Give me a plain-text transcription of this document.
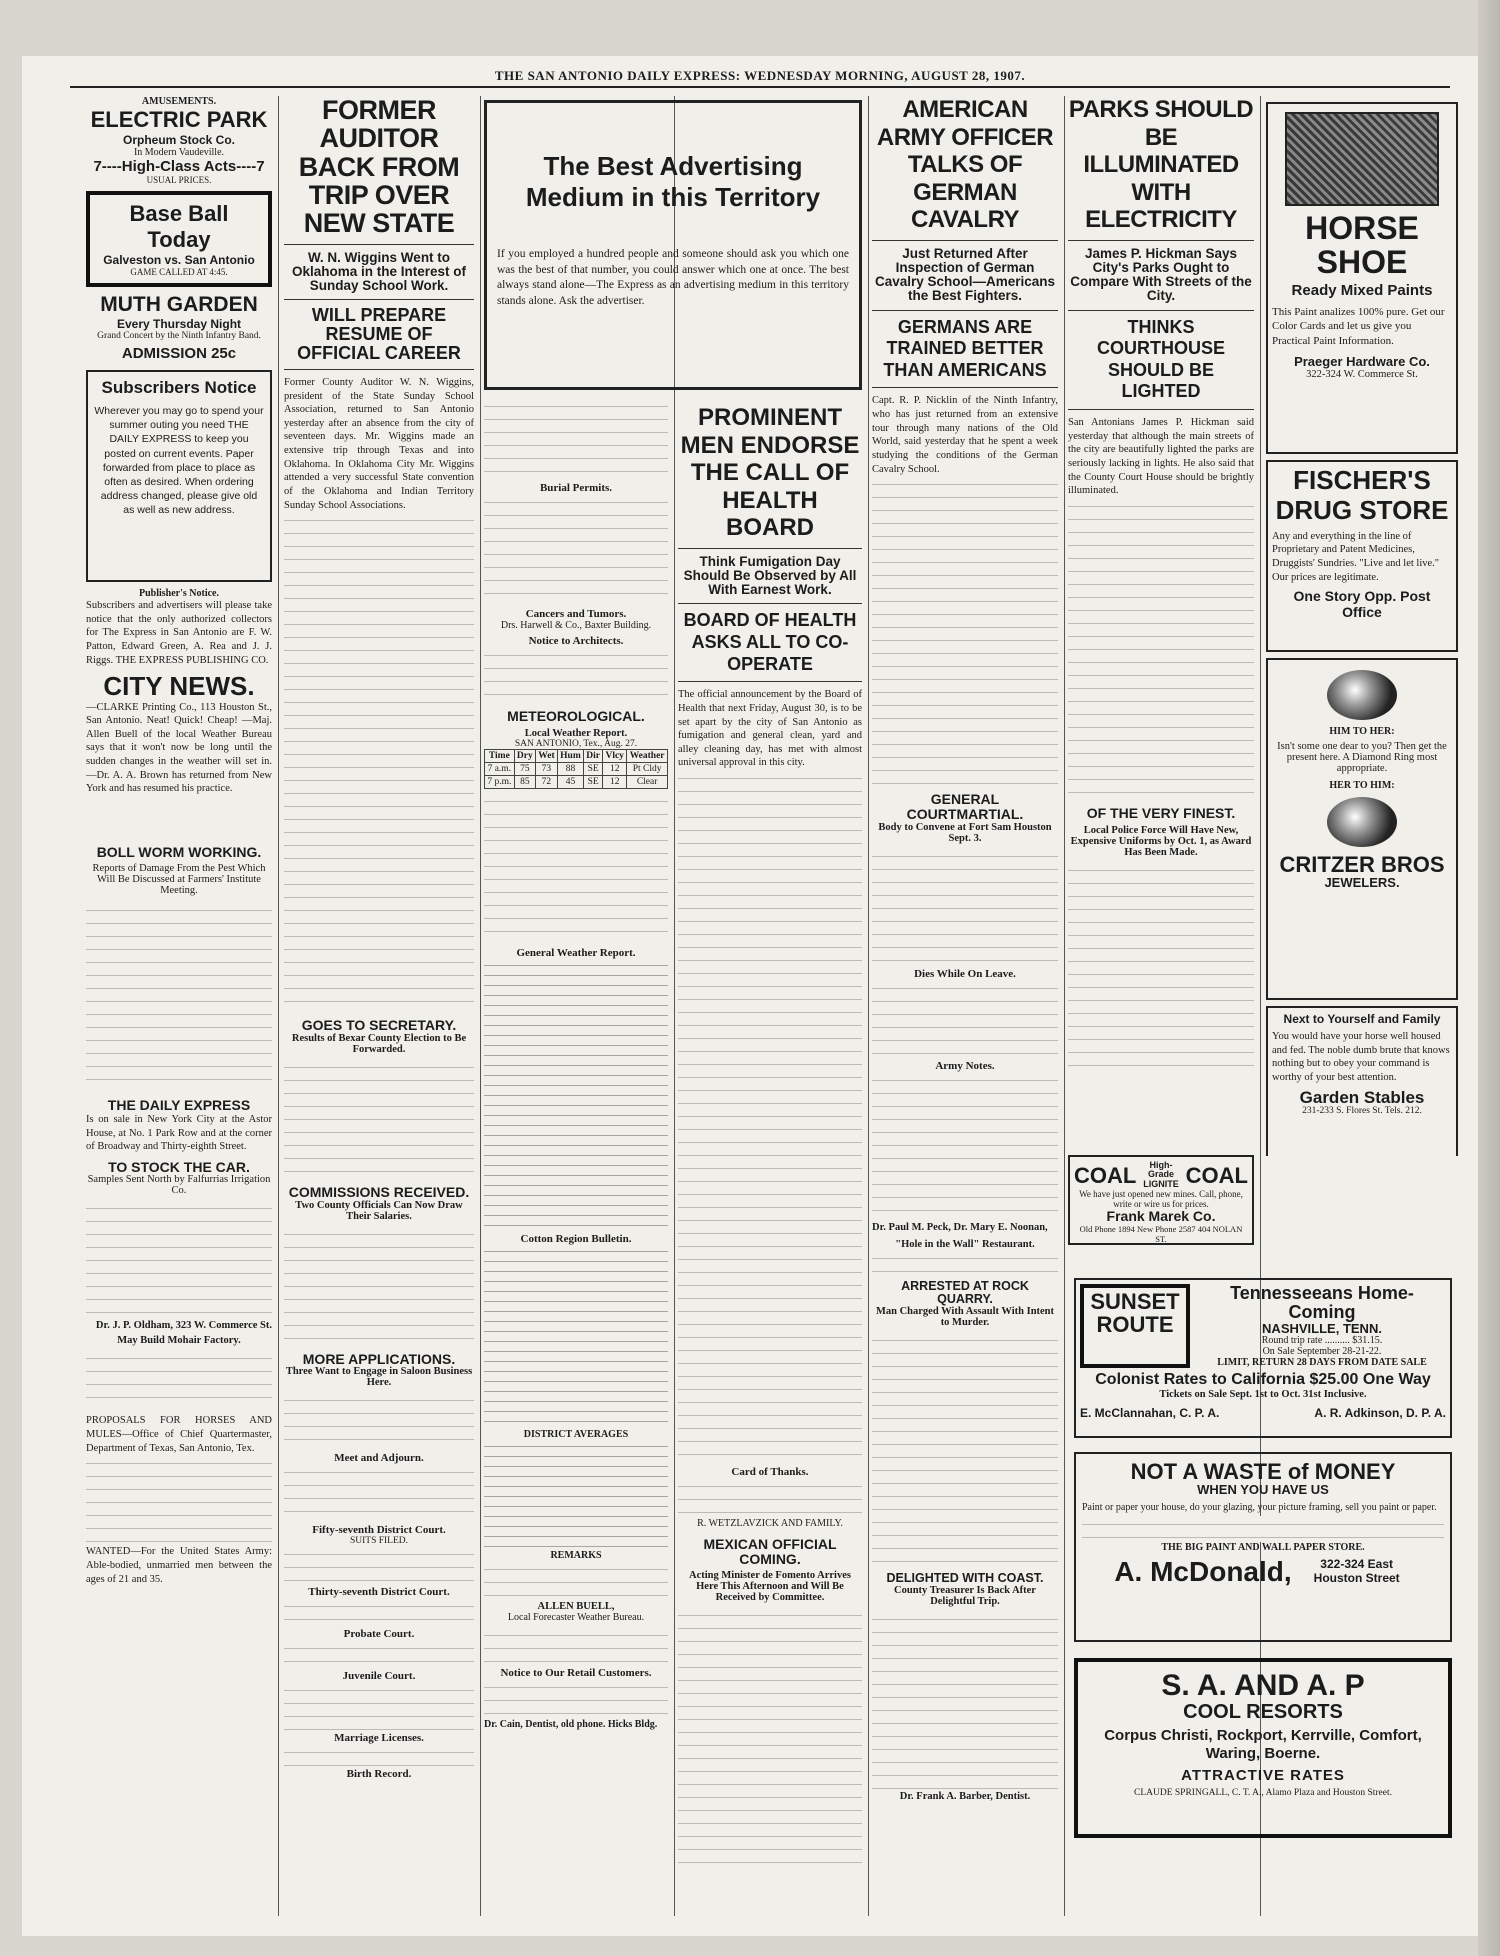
THE SAN ANTONIO DAILY EXPRESS: WEDNESDAY MORNING, AUGUST 28, 1907.
AMUSEMENTS.
ELECTRIC PARK
Orpheum Stock Co.
In Modern Vaudeville.
7----High-Class Acts----7
USUAL PRICES.
Base Ball Today
Galveston vs. San Antonio
GAME CALLED AT 4:45.
MUTH GARDEN
Every Thursday Night
Grand Concert by the Ninth Infantry Band.
ADMISSION 25c
Subscribers Notice
Wherever you may go to spend your summer outing you need THE DAILY EXPRESS to keep you posted on current events. Paper forwarded from place to place as often as desired. When ordering address changed, please give old as well as new address.
Publisher's Notice.
Subscribers and advertisers will please take notice that the only authorized collectors for The Express in San Antonio are F. W. Patton, Edward Green, A. Rea and J. J. Riggs. THE EXPRESS PUBLISHING CO.
CITY NEWS.
—CLARKE Printing Co., 113 Houston St., San Antonio. Neat! Quick! Cheap! —Maj. Allen Buell of the local Weather Bureau says that it won't now be long until the sudden changes in the weather will set in. —Dr. A. A. Brown has returned from New York and has resumed his practice.
BOLL WORM WORKING.
Reports of Damage From the Pest Which Will Be Discussed at Farmers' Institute Meeting.
THE DAILY EXPRESS
Is on sale in New York City at the Astor House, at No. 1 Park Row and at the corner of Broadway and Thirty-eighth Street.
TO STOCK THE CAR.
Samples Sent North by Falfurrias Irrigation Co.
Dr. J. P. Oldham, 323 W. Commerce St.
May Build Mohair Factory.
PROPOSALS FOR HORSES AND MULES—Office of Chief Quartermaster, Department of Texas, San Antonio, Tex.
WANTED—For the United States Army: Able-bodied, unmarried men between the ages of 21 and 35.
FORMER AUDITOR BACK FROM TRIP OVER NEW STATE
W. N. Wiggins Went to Oklahoma in the Interest of Sunday School Work.
WILL PREPARE RESUME OF OFFICIAL CAREER
Former County Auditor W. N. Wiggins, president of the State Sunday School Association, returned to San Antonio yesterday after an absence from the city of seventeen days. Mr. Wiggins made an extensive trip through Texas and into Oklahoma. In Oklahoma City Mr. Wiggins attended a very successful State convention of the Oklahoma and Indian Territory Sunday School Associations.
GOES TO SECRETARY.
Results of Bexar County Election to Be Forwarded.
COMMISSIONS RECEIVED.
Two County Officials Can Now Draw Their Salaries.
MORE APPLICATIONS.
Three Want to Engage in Saloon Business Here.
Meet and Adjourn.
Fifty-seventh District Court.
SUITS FILED.
Thirty-seventh District Court.
Probate Court.
Juvenile Court.
Marriage Licenses.
Birth Record.
The Best Advertising Medium in this Territory
If you employed a hundred people and someone should ask you which one was the best of that number, you could answer which one at once. The best always stand alone—The Express as an advertising medium in this territory stands alone. Ask the advertiser.
Burial Permits.
Cancers and Tumors.
Drs. Harwell & Co., Baxter Building.
Notice to Architects.
METEOROLOGICAL.
Local Weather Report.
SAN ANTONIO, Tex., Aug. 27.
Time	Dry	Wet	Hum	Dir	Vlcy	Weather
7 a.m.	75	73	88	SE	12	Pt Cldy
7 p.m.	85	72	45	SE	12	Clear
General Weather Report.
Cotton Region Bulletin.
DISTRICT AVERAGES
REMARKS
ALLEN BUELL,
Local Forecaster Weather Bureau.
Notice to Our Retail Customers.
Dr. Cain, Dentist, old phone. Hicks Bldg.
PROMINENT MEN ENDORSE THE CALL OF HEALTH BOARD
Think Fumigation Day Should Be Observed by All With Earnest Work.
BOARD OF HEALTH ASKS ALL TO CO-OPERATE
The official announcement by the Board of Health that next Friday, August 30, is to be set apart by the city of San Antonio as fumigation and general clean, yard and alley cleaning day, has met with almost universal approval in this city.
Card of Thanks.
R. WETZLAVZICK AND FAMILY.
MEXICAN OFFICIAL COMING.
Acting Minister de Fomento Arrives Here This Afternoon and Will Be Received by Committee.
AMERICAN ARMY OFFICER TALKS OF GERMAN CAVALRY
Just Returned After Inspection of German Cavalry School—Americans the Best Fighters.
GERMANS ARE TRAINED BETTER THAN AMERICANS
Capt. R. P. Nicklin of the Ninth Infantry, who has just returned from an extensive tour through many nations of the Old World, said yesterday that he spent a week studying the conditions of the German Cavalry School.
GENERAL COURTMARTIAL.
Body to Convene at Fort Sam Houston Sept. 3.
Dies While On Leave.
Army Notes.
Dr. Paul M. Peck, Dr. Mary E. Noonan,
"Hole in the Wall" Restaurant.
ARRESTED AT ROCK QUARRY.
Man Charged With Assault With Intent to Murder.
DELIGHTED WITH COAST.
County Treasurer Is Back After Delightful Trip.
Dr. Frank A. Barber, Dentist.
PARKS SHOULD BE ILLUMINATED WITH ELECTRICITY
James P. Hickman Says City's Parks Ought to Compare With Streets of the City.
THINKS COURTHOUSE SHOULD BE LIGHTED
San Antonians James P. Hickman said yesterday that although the main streets of the city are beautifully lighted the parks are seriously lacking in lights. He also said that the County Court House should be brightly illuminated.
OF THE VERY FINEST.
Local Police Force Will Have New, Expensive Uniforms by Oct. 1, as Award Has Been Made.
HORSE SHOE
Ready Mixed Paints
This Paint analizes 100% pure. Get our Color Cards and let us give you Practical Paint Information.
Praeger Hardware Co.
322-324 W. Commerce St.
FISCHER'S DRUG STORE
Any and everything in the line of Proprietary and Patent Medicines, Druggists' Sundries. "Live and let live." Our prices are legitimate.
One Story Opp. Post Office
HIM TO HER:
Isn't some one dear to you? Then get the present here. A Diamond Ring most appropriate.
HER TO HIM:
CRITZER BROS
JEWELERS.
Next to Yourself and Family
You would have your horse well housed and fed. The noble dumb brute that knows nothing but to obey your command is worthy of your best attention.
Garden Stables
231-233 S. Flores St. Tels. 212.
COAL	High-Grade LIGNITE COAL
We have just opened new mines. Call, phone, write or wire us for prices.
Frank Marek Co.
Old Phone 1894 New Phone 2587 404 NOLAN ST.
SUNSET ROUTE
Tennesseeans Home-Coming
NASHVILLE, TENN.
Round trip rate .......... $31.15.
On Sale September 28-21-22.
LIMIT, RETURN 28 DAYS FROM DATE SALE
Colonist Rates to California $25.00 One Way
Tickets on Sale Sept. 1st to Oct. 31st Inclusive.
E. McClannahan, C. P. A.	A. R. Adkinson, D. P. A.
NOT A WASTE of MONEY
WHEN YOU HAVE US
Paint or paper your house, do your glazing, your picture framing, sell you paint or paper.
THE BIG PAINT AND WALL PAPER STORE.
A. McDonald,	322-324 East Houston Street
S. A. AND A. P
COOL RESORTS
Corpus Christi, Rockport, Kerrville, Comfort, Waring, Boerne.
ATTRACTIVE RATES
CLAUDE SPRINGALL, C. T. A., Alamo Plaza and Houston Street.
